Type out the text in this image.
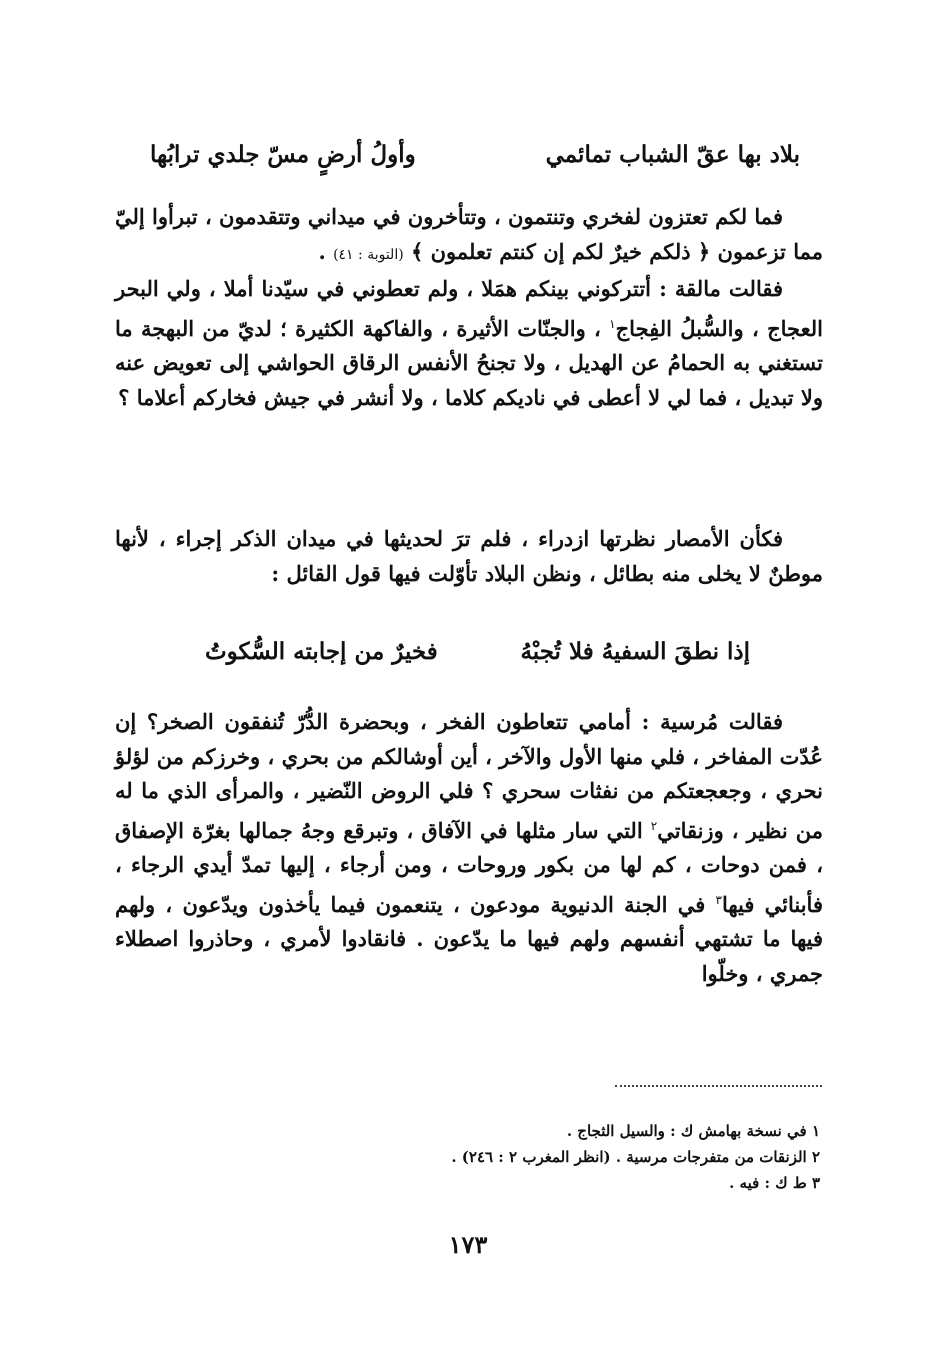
بلاد بها عقّ الشباب تمائمي
وأولُ أرضٍ مسّ جلدي ترابُها

فما لكم تعتزون لفخري وتنتمون ، وتتأخرون في ميداني وتتقدمون ، تبرأوا إليّ مما تزعمون ﴿ ذلكم خيرٌ لكم إن كنتم تعلمون ﴾ (التوبة : ٤١) .

فقالت مالقة : أتتركوني بينكم همَلا ، ولم تعطوني في سيّدنا أملا ، ولي البحر العجاج ، والسُّبلُ الفِجاج$^١$ ، والجنّات الأثيرة ، والفاكهة الكثيرة ؛ لديّ من البهجة ما تستغني به الحمامُ عن الهديل ، ولا تجنحُ الأنفس الرقاق الحواشي إلى تعويض عنه ولا تبديل ، فما لي لا أعطى في ناديكم كلاما ، ولا أنشر في جيش فخاركم أعلاما ؟

فكأن الأمصار نظرتها ازدراء ، فلم ترَ لحديثها في ميدان الذكر إجراء ، لأنها موطنٌ لا يخلى منه بطائل ، ونظن البلاد تأوّلت فيها قول القائل :

إذا نطقَ السفيهُ فلا تُجبْهُ
فخيرٌ من إجابته السُّكوتُ

فقالت مُرسية : أمامي تتعاطون الفخر ، وبحضرة الدُّرّ تُنفقون الصخر؟ إن عُدّت المفاخر ، فلي منها الأول والآخر ، أين أوشالكم من بحري ، وخرزكم من لؤلؤ نحري ، وجعجعتكم من نفثات سحري ؟ فلي الروض النّضير ، والمرأى الذي ما له من نظير ، وزنقاتي$^٢$ التي سار مثلها في الآفاق ، وتبرقع وجهُ جمالها بغرّة الإصفاق ، فمن دوحات ، كم لها من بكور وروحات ، ومن أرجاء ، إليها تمدّ أيدي الرجاء ، فأبنائي فيها$^٣$ في الجنة الدنيوية مودعون ، يتنعمون فيما يأخذون ويدّعون ، ولهم فيها ما تشتهي أنفسهم ولهم فيها ما يدّعون . فانقادوا لأمري ، وحاذروا اصطلاء جمري ، وخلّوا

١ في نسخة بهامش ك : والسيل الثجاج .
٢ الزنقات من متفرجات مرسية . (انظر المغرب ٢ : ٢٤٦) .
٣ ط ك : فيه .
١٧٣
